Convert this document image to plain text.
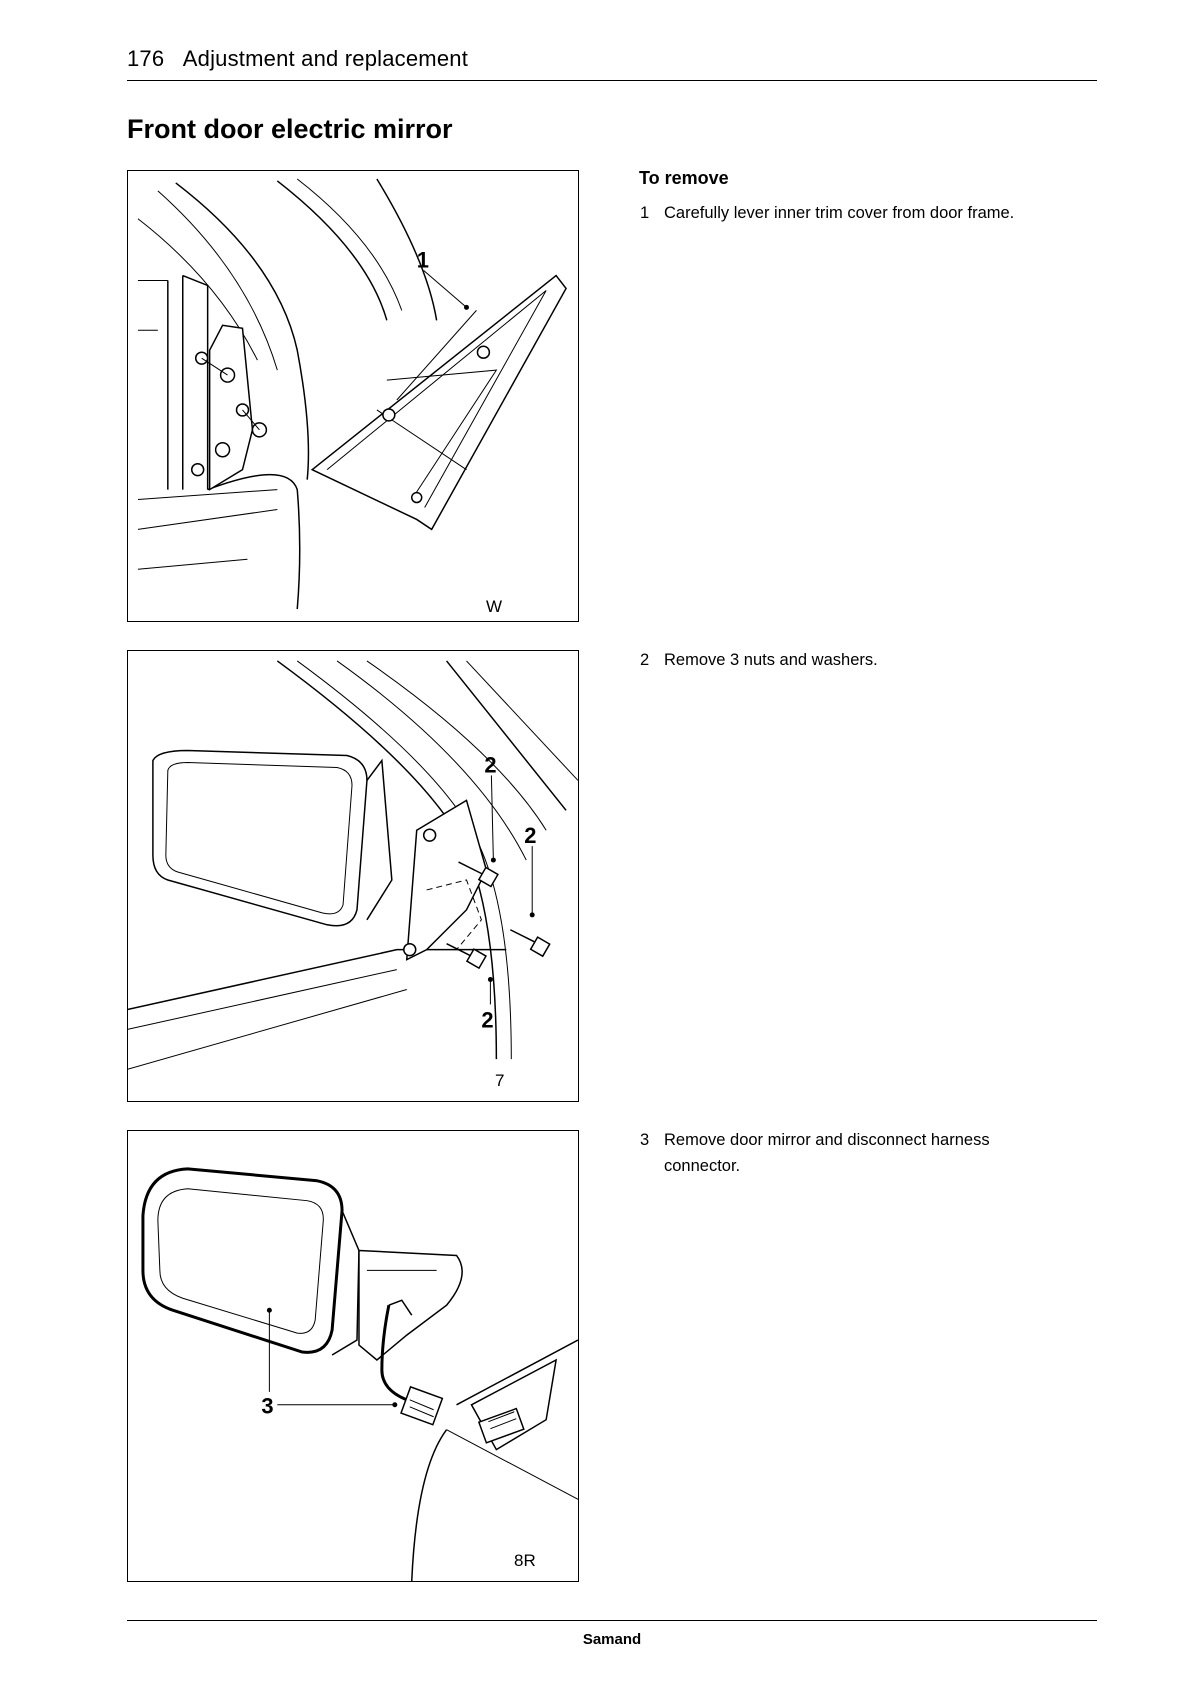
176 Adjustment and replacement
Front door electric mirror
1
W
2
2
2
7
3
8R
To remove
1 Carefully lever inner trim cover from door frame.
2 Remove 3 nuts and washers.
3 Remove door mirror and disconnect harness connector.
Samand
